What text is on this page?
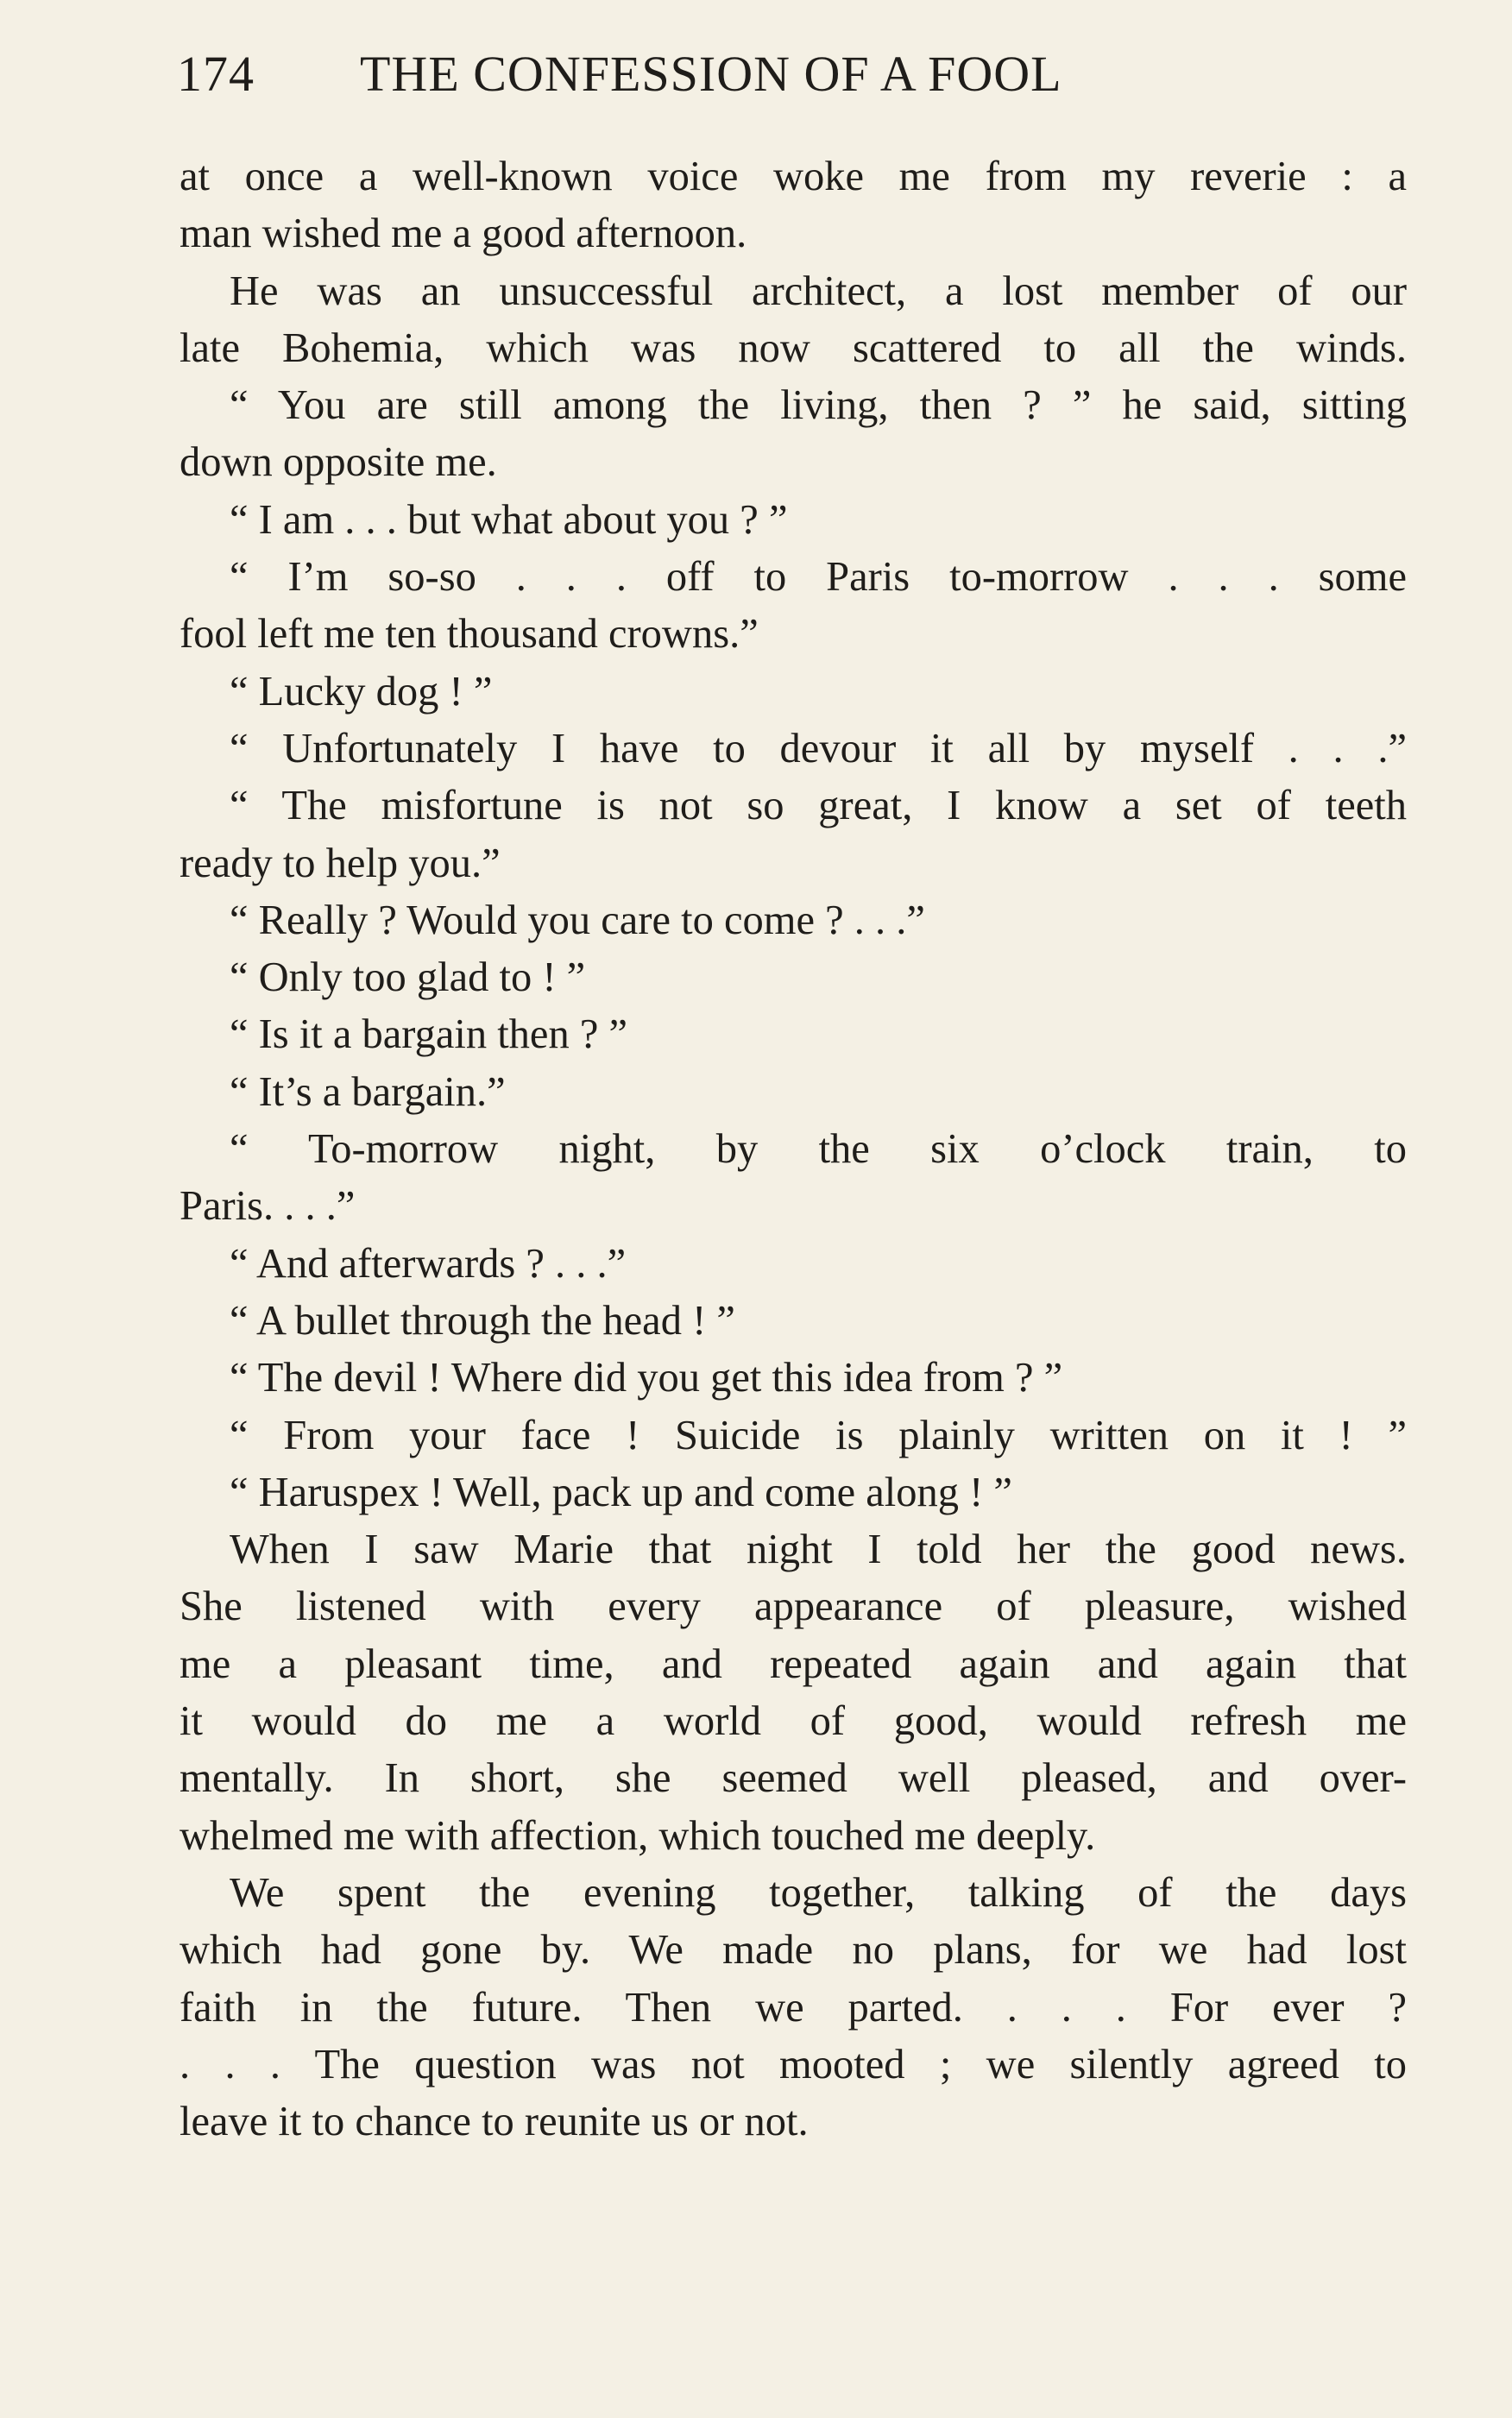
174 THE CONFESSION OF A FOOL
at once a well-known voice woke me from my reverie : a
man wished me a good afternoon.
He was an unsuccessful architect, a lost member of our
late Bohemia, which was now scattered to all the winds.
“ You are still among the living, then ? ” he said, sitting
down opposite me.
“ I am . . . but what about you ? ”
“ I’m so-so . . . off to Paris to-morrow . . . some
fool left me ten thousand crowns.”
“ Lucky dog ! ”
“ Unfortunately I have to devour it all by myself . . .”
“ The misfortune is not so great, I know a set of teeth
ready to help you.”
“ Really ? Would you care to come ? . . .”
“ Only too glad to ! ”
“ Is it a bargain then ? ”
“ It’s a bargain.”
“ To-morrow night, by the six o’clock train, to
Paris. . . .”
“ And afterwards ? . . .”
“ A bullet through the head ! ”
“ The devil ! Where did you get this idea from ? ”
“ From your face ! Suicide is plainly written on it ! ”
“ Haruspex ! Well, pack up and come along ! ”
When I saw Marie that night I told her the good news.
She listened with every appearance of pleasure, wished
me a pleasant time, and repeated again and again that
it would do me a world of good, would refresh me
mentally. In short, she seemed well pleased, and over-
whelmed me with affection, which touched me deeply.
We spent the evening together, talking of the days
which had gone by. We made no plans, for we had lost
faith in the future. Then we parted. . . . For ever ?
. . . The question was not mooted ; we silently agreed to
leave it to chance to reunite us or not.
